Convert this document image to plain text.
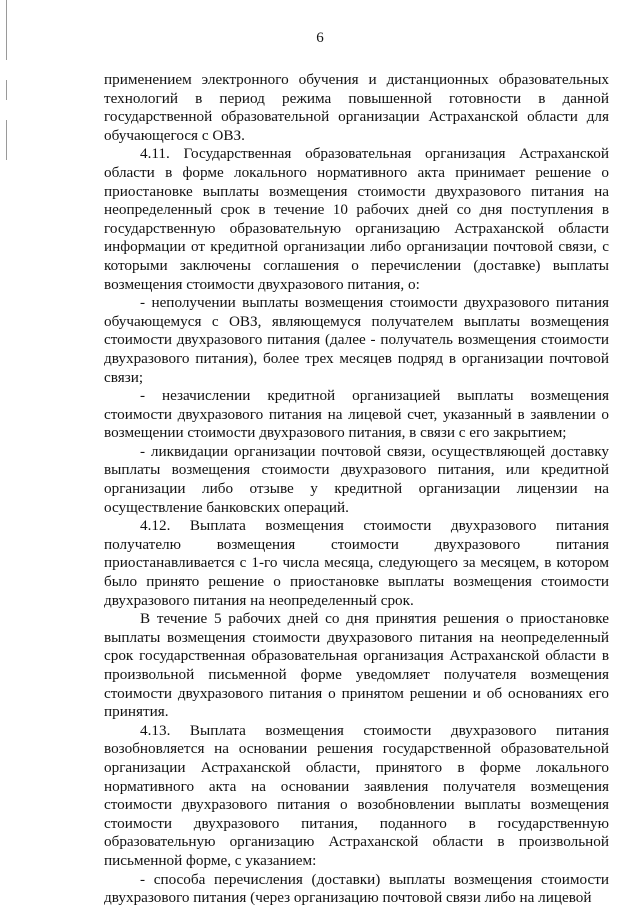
6

применением электронного обучения и дистанционных образовательных технологий в период режима повышенной готовности в данной государственной образовательной организации Астраханской области для обучающегося с ОВЗ.

4.11. Государственная образовательная организация Астраханской области в форме локального нормативного акта принимает решение о приостановке выплаты возмещения стоимости двухразового питания на неопределенный срок в течение 10 рабочих дней со дня поступления в государственную образовательную организацию Астраханской области информации от кредитной организации либо организации почтовой связи, с которыми заключены соглашения о перечислении (доставке) выплаты возмещения стоимости двухразового питания, о:

- неполучении выплаты возмещения стоимости двухразового питания обучающемуся с ОВЗ, являющемуся получателем выплаты возмещения стоимости двухразового питания (далее - получатель возмещения стоимости двухразового питания), более трех месяцев подряд в организации почтовой связи;

- незачислении кредитной организацией выплаты возмещения стоимости двухразового питания на лицевой счет, указанный в заявлении о возмещении стоимости двухразового питания, в связи с его закрытием;

- ликвидации организации почтовой связи, осуществляющей доставку выплаты возмещения стоимости двухразового питания, или кредитной организации либо отзыве у кредитной организации лицензии на осуществление банковских операций.

4.12. Выплата возмещения стоимости двухразового питания получателю возмещения стоимости двухразового питания приостанавливается с 1-го числа месяца, следующего за месяцем, в котором было принято решение о приостановке выплаты возмещения стоимости двухразового питания на неопределенный срок.

В течение 5 рабочих дней со дня принятия решения о приостановке выплаты возмещения стоимости двухразового питания на неопределенный срок государственная образовательная организация Астраханской области в произвольной письменной форме уведомляет получателя возмещения стоимости двухразового питания о принятом решении и об основаниях его принятия.

4.13. Выплата возмещения стоимости двухразового питания возобновляется на основании решения государственной образовательной организации Астраханской области, принятого в форме локального нормативного акта на основании заявления получателя возмещения стоимости двухразового питания о возобновлении выплаты возмещения стоимости двухразового питания, поданного в государственную образовательную организацию Астраханской области в произвольной письменной форме, с указанием:

- способа перечисления (доставки) выплаты возмещения стоимости двухразового питания (через организацию почтовой связи либо на лицевой
